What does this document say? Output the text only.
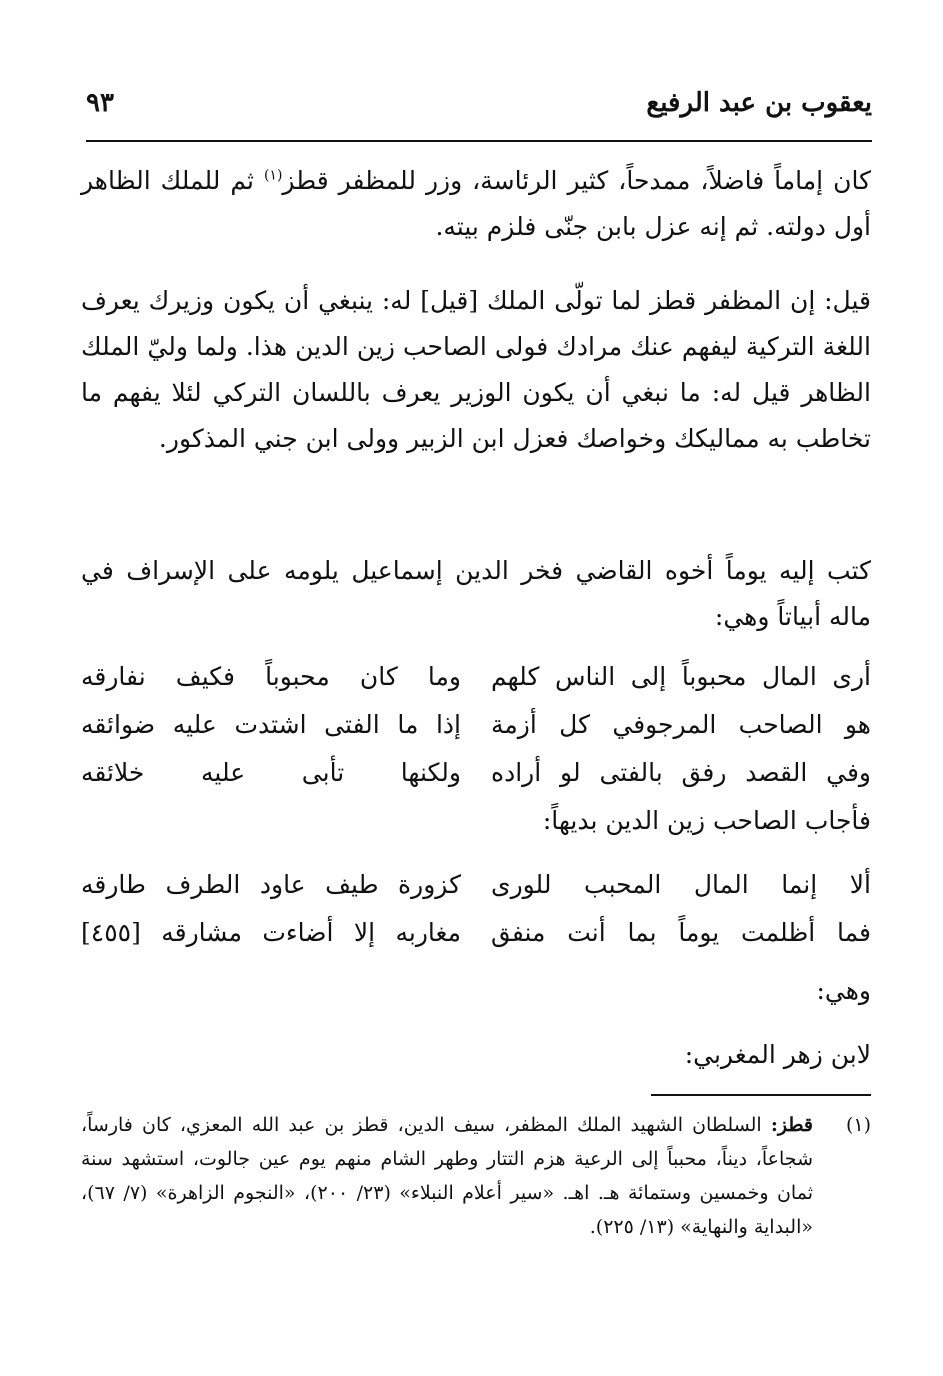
يعقوب بن عبد الرفيع
٩٣
كان إماماً فاضلاً، ممدحاً، كثير الرئاسة، وزر للمظفر قطز$^{(١)}$ ثم للملك الظاهر أول دولته. ثم إنه عزل بابن جنّى فلزم بيته.
قيل: إن المظفر قطز لما تولّى الملك [قيل] له: ينبغي أن يكون وزيرك يعرف اللغة التركية ليفهم عنك مرادك فولى الصاحب زين الدين هذا. ولما وليّ الملك الظاهر قيل له: ما نبغي أن يكون الوزير يعرف باللسان التركي لئلا يفهم ما تخاطب به مماليكك وخواصك فعزل ابن الزبير وولى ابن جني المذكور.
كتب إليه يوماً أخوه القاضي فخر الدين إسماعيل يلومه على الإسراف في ماله أبياتاً وهي:
أرى المال محبوباً إلى الناس كلهم
وما كان محبوباً فكيف نفارقه
هو الصاحب المرجوفي كل أزمة
إذا ما الفتى اشتدت عليه ضوائقه
وفي القصد رفق بالفتى لو أراده
ولكنها تأبى عليه خلائقه
فأجاب الصاحب زين الدين بديهاً:
ألا إنما المال المحبب للورى
كزورة طيف عاود الطرف طارقه
فما أظلمت يوماً بما أنت منفق
مغاربه إلا أضاءت مشارقه [٤٥٥]
وهي:
لابن زهر المغربي:
(١)
قطز: السلطان الشهيد الملك المظفر، سيف الدين، قطز بن عبد الله المعزي، كان فارساً، شجاعاً، ديناً، محبباً إلى الرعية هزم التتار وطهر الشام منهم يوم عين جالوت، استشهد سنة ثمان وخمسين وستمائة هـ. اهـ. «سير أعلام النبلاء» (٢٣/ ٢٠٠)، «النجوم الزاهرة» (٧/ ٦٧)، «البداية والنهاية» (١٣/ ٢٢٥).
